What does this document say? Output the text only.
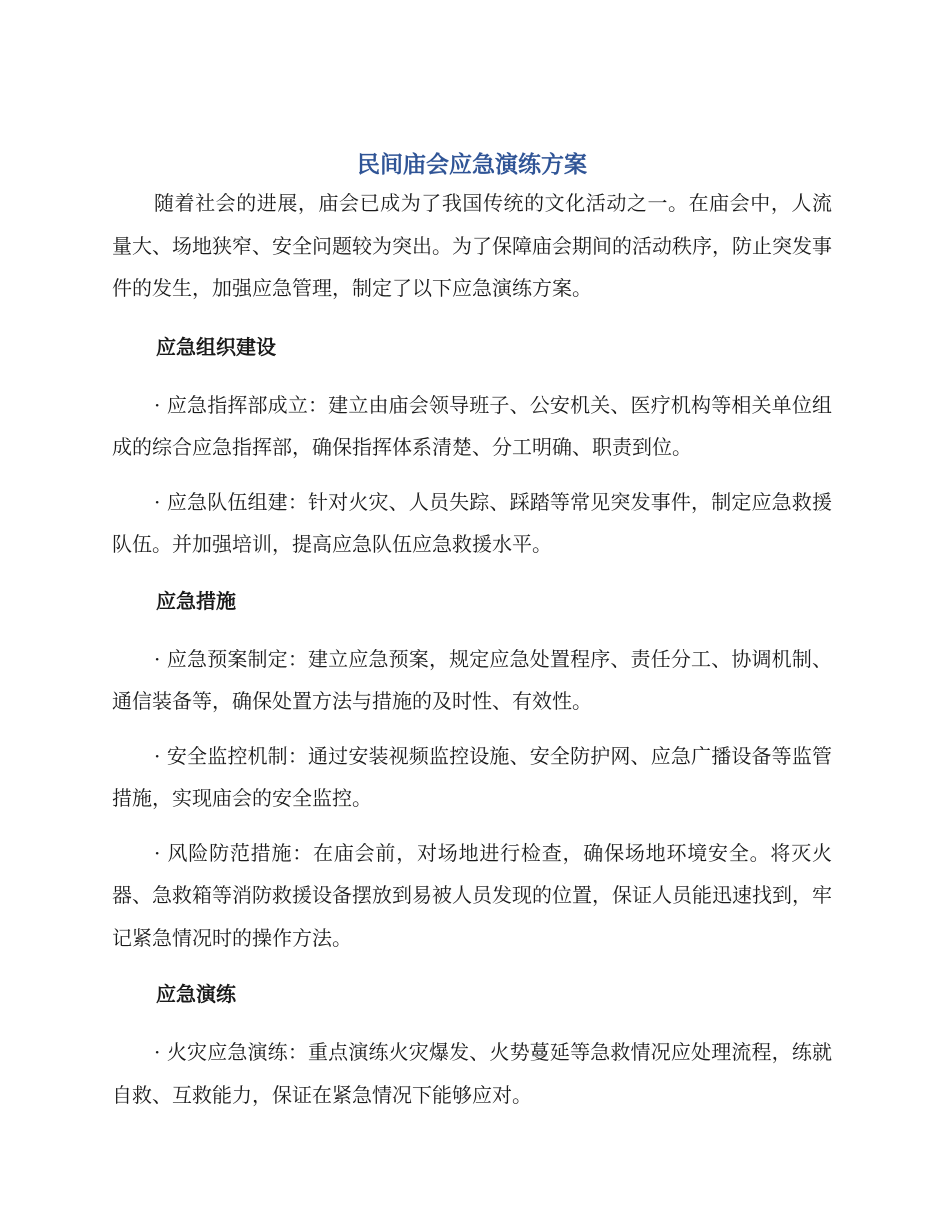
民间庙会应急演练方案

随着社会的进展，庙会已成为了我国传统的文化活动之一。在庙会中，人流量大、场地狭窄、安全问题较为突出。为了保障庙会期间的活动秩序，防止突发事件的发生，加强应急管理，制定了以下应急演练方案。

应急组织建设

· 应急指挥部成立：建立由庙会领导班子、公安机关、医疗机构等相关单位组成的综合应急指挥部，确保指挥体系清楚、分工明确、职责到位。

· 应急队伍组建：针对火灾、人员失踪、踩踏等常见突发事件，制定应急救援队伍。并加强培训，提高应急队伍应急救援水平。

应急措施

· 应急预案制定：建立应急预案，规定应急处置程序、责任分工、协调机制、通信装备等，确保处置方法与措施的及时性、有效性。

· 安全监控机制：通过安装视频监控设施、安全防护网、应急广播设备等监管措施，实现庙会的安全监控。

· 风险防范措施：在庙会前，对场地进行检查，确保场地环境安全。将灭火器、急救箱等消防救援设备摆放到易被人员发现的位置，保证人员能迅速找到，牢记紧急情况时的操作方法。

应急演练

· 火灾应急演练：重点演练火灾爆发、火势蔓延等急救情况应处理流程，练就自救、互救能力，保证在紧急情况下能够应对。
